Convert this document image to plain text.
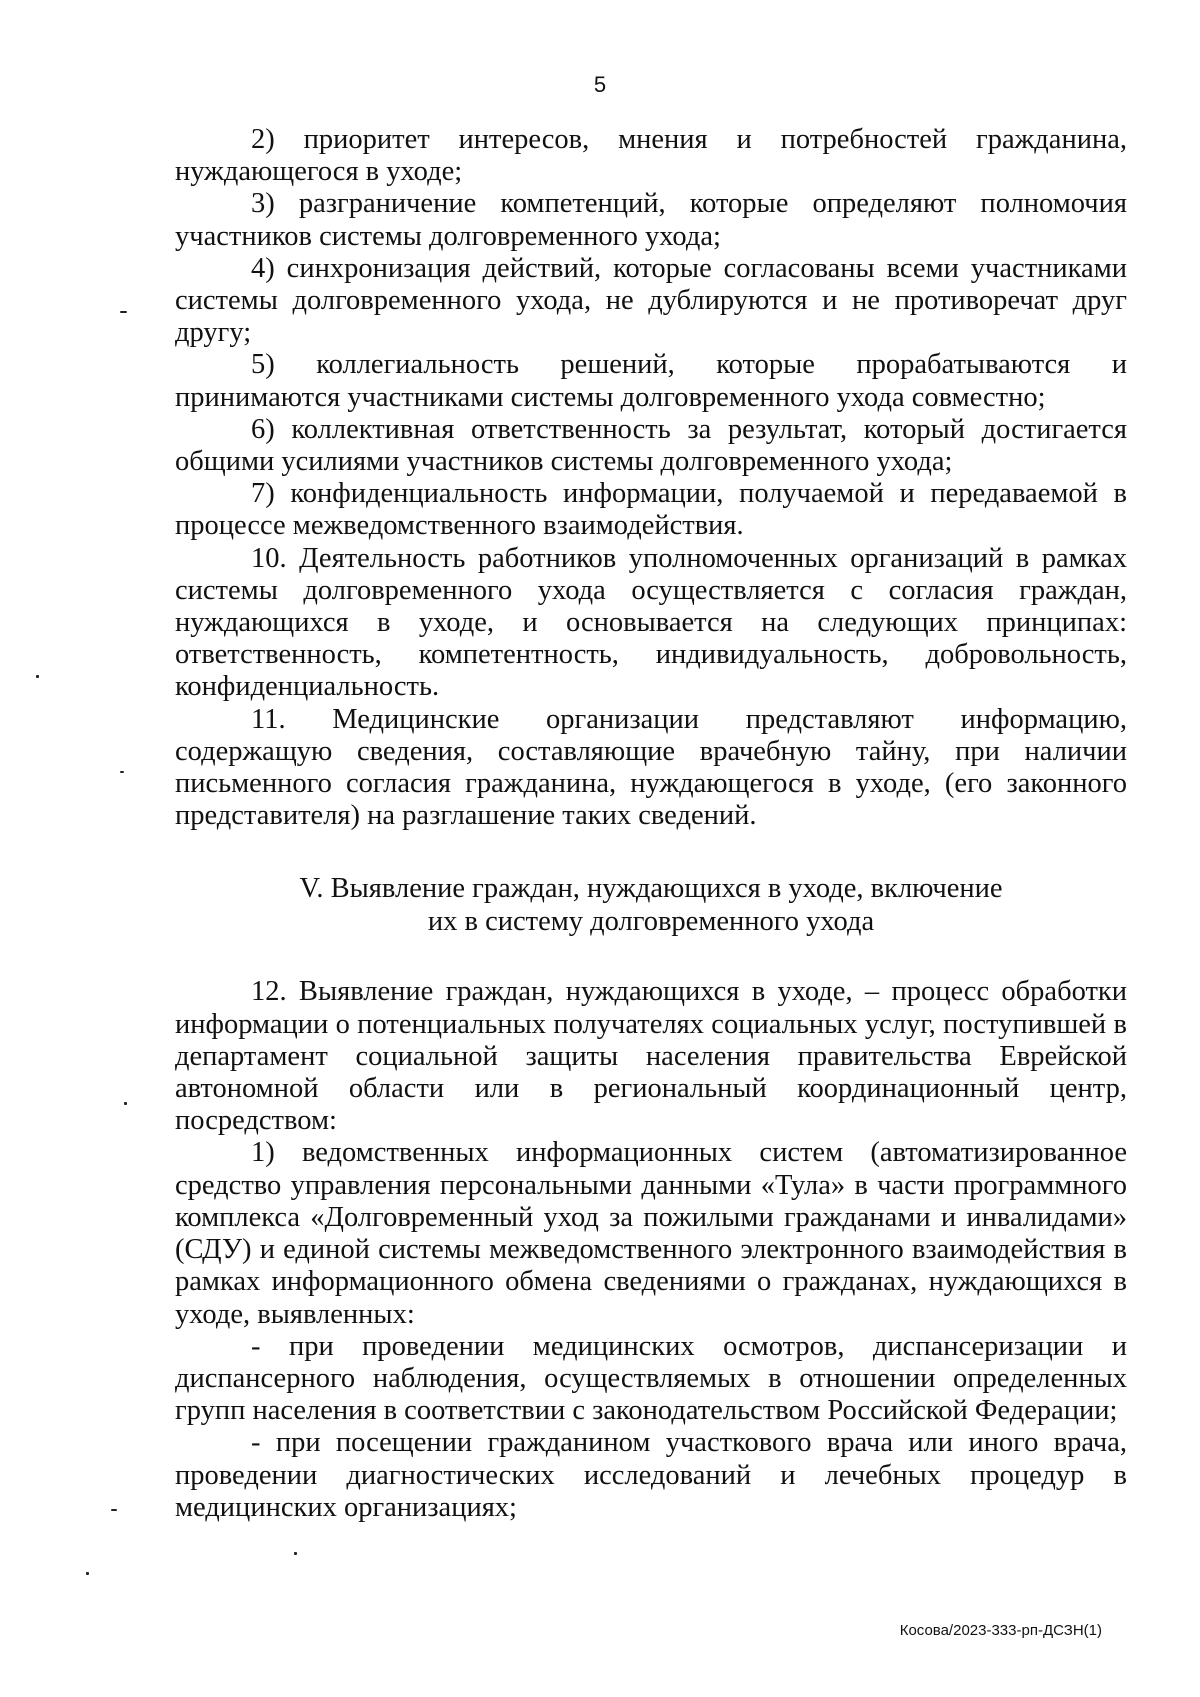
5

2) приоритет интересов, мнения и потребностей гражданина, нуждающегося в уходе;

3) разграничение компетенций, которые определяют полномочия участников системы долговременного ухода;

4) синхронизация действий, которые согласованы всеми участниками системы долговременного ухода, не дублируются и не противоречат друг другу;

5) коллегиальность решений, которые прорабатываются и принимаются участниками системы долговременного ухода совместно;

6) коллективная ответственность за результат, который достигается общими усилиями участников системы долговременного ухода;

7) конфиденциальность информации, получаемой и передаваемой в процессе межведомственного взаимодействия.

10. Деятельность работников уполномоченных организаций в рамках системы долговременного ухода осуществляется с согласия граждан, нуждающихся в уходе, и основывается на следующих принципах: ответственность, компетентность, индивидуальность, добровольность, конфиденциальность.

11. Медицинские организации представляют информацию, содержащую сведения, составляющие врачебную тайну, при наличии письменного согласия гражданина, нуждающегося в уходе, (его законного представителя) на разглашение таких сведений.

V. Выявление граждан, нуждающихся в уходе, включение
их в систему долговременного ухода

12. Выявление граждан, нуждающихся в уходе, – процесс обработки информации о потенциальных получателях социальных услуг, поступившей в департамент социальной защиты населения правительства Еврейской автономной области или в региональный координационный центр, посредством:

1) ведомственных информационных систем (автоматизированное средство управления персональными данными «Тула» в части программного комплекса «Долговременный уход за пожилыми гражданами и инвалидами» (СДУ) и единой системы межведомственного электронного взаимодействия в рамках информационного обмена сведениями о гражданах, нуждающихся в уходе, выявленных:

- при проведении медицинских осмотров, диспансеризации и диспансерного наблюдения, осуществляемых в отношении определенных групп населения в соответствии с законодательством Российской Федерации;

- при посещении гражданином участкового врача или иного врача, проведении диагностических исследований и лечебных процедур в медицинских организациях;

Косова/2023-333-рп-ДСЗН(1)
